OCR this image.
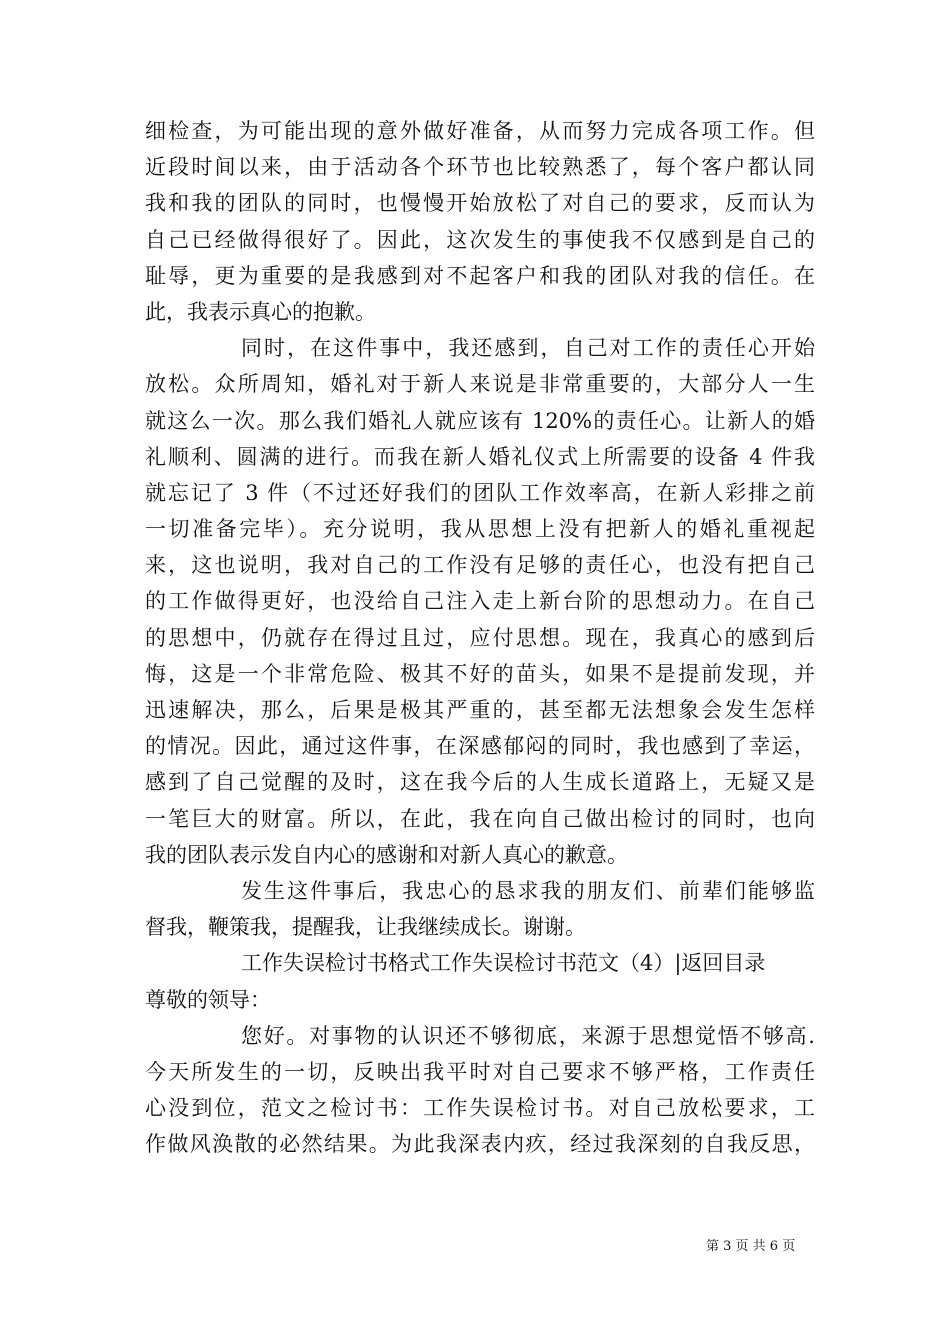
细检查，为可能出现的意外做好准备，从而努力完成各项工作。但
近段时间以来，由于活动各个环节也比较熟悉了，每个客户都认同
我和我的团队的同时，也慢慢开始放松了对自己的要求，反而认为
自己已经做得很好了。因此，这次发生的事使我不仅感到是自己的
耻辱，更为重要的是我感到对不起客户和我的团队对我的信任。在
此，我表示真心的抱歉。
同时，在这件事中，我还感到，自己对工作的责任心开始
放松。众所周知，婚礼对于新人来说是非常重要的，大部分人一生
就这么一次。那么我们婚礼人就应该有 120%的责任心。让新人的婚
礼顺利、圆满的进行。而我在新人婚礼仪式上所需要的设备 4 件我
就忘记了 3 件（不过还好我们的团队工作效率高，在新人彩排之前
一切准备完毕）。充分说明，我从思想上没有把新人的婚礼重视起
来，这也说明，我对自己的工作没有足够的责任心，也没有把自己
的工作做得更好，也没给自己注入走上新台阶的思想动力。在自己
的思想中，仍就存在得过且过，应付思想。现在，我真心的感到后
悔，这是一个非常危险、极其不好的苗头，如果不是提前发现，并
迅速解决，那么，后果是极其严重的，甚至都无法想象会发生怎样
的情况。因此，通过这件事，在深感郁闷的同时，我也感到了幸运，
感到了自己觉醒的及时，这在我今后的人生成长道路上，无疑又是
一笔巨大的财富。所以，在此，我在向自己做出检讨的同时，也向
我的团队表示发自内心的感谢和对新人真心的歉意。
发生这件事后，我忠心的恳求我的朋友们、前辈们能够监
督我，鞭策我，提醒我，让我继续成长。谢谢。
工作失误检讨书格式工作失误检讨书范文（4）|返回目录
尊敬的领导：
您好。对事物的认识还不够彻底，来源于思想觉悟不够高.
今天所发生的一切，反映出我平时对自己要求不够严格，工作责任
心没到位，范文之检讨书：工作失误检讨书。对自己放松要求，工
作做风涣散的必然结果。为此我深表内疚，经过我深刻的自我反思，
第 3 页 共 6 页
